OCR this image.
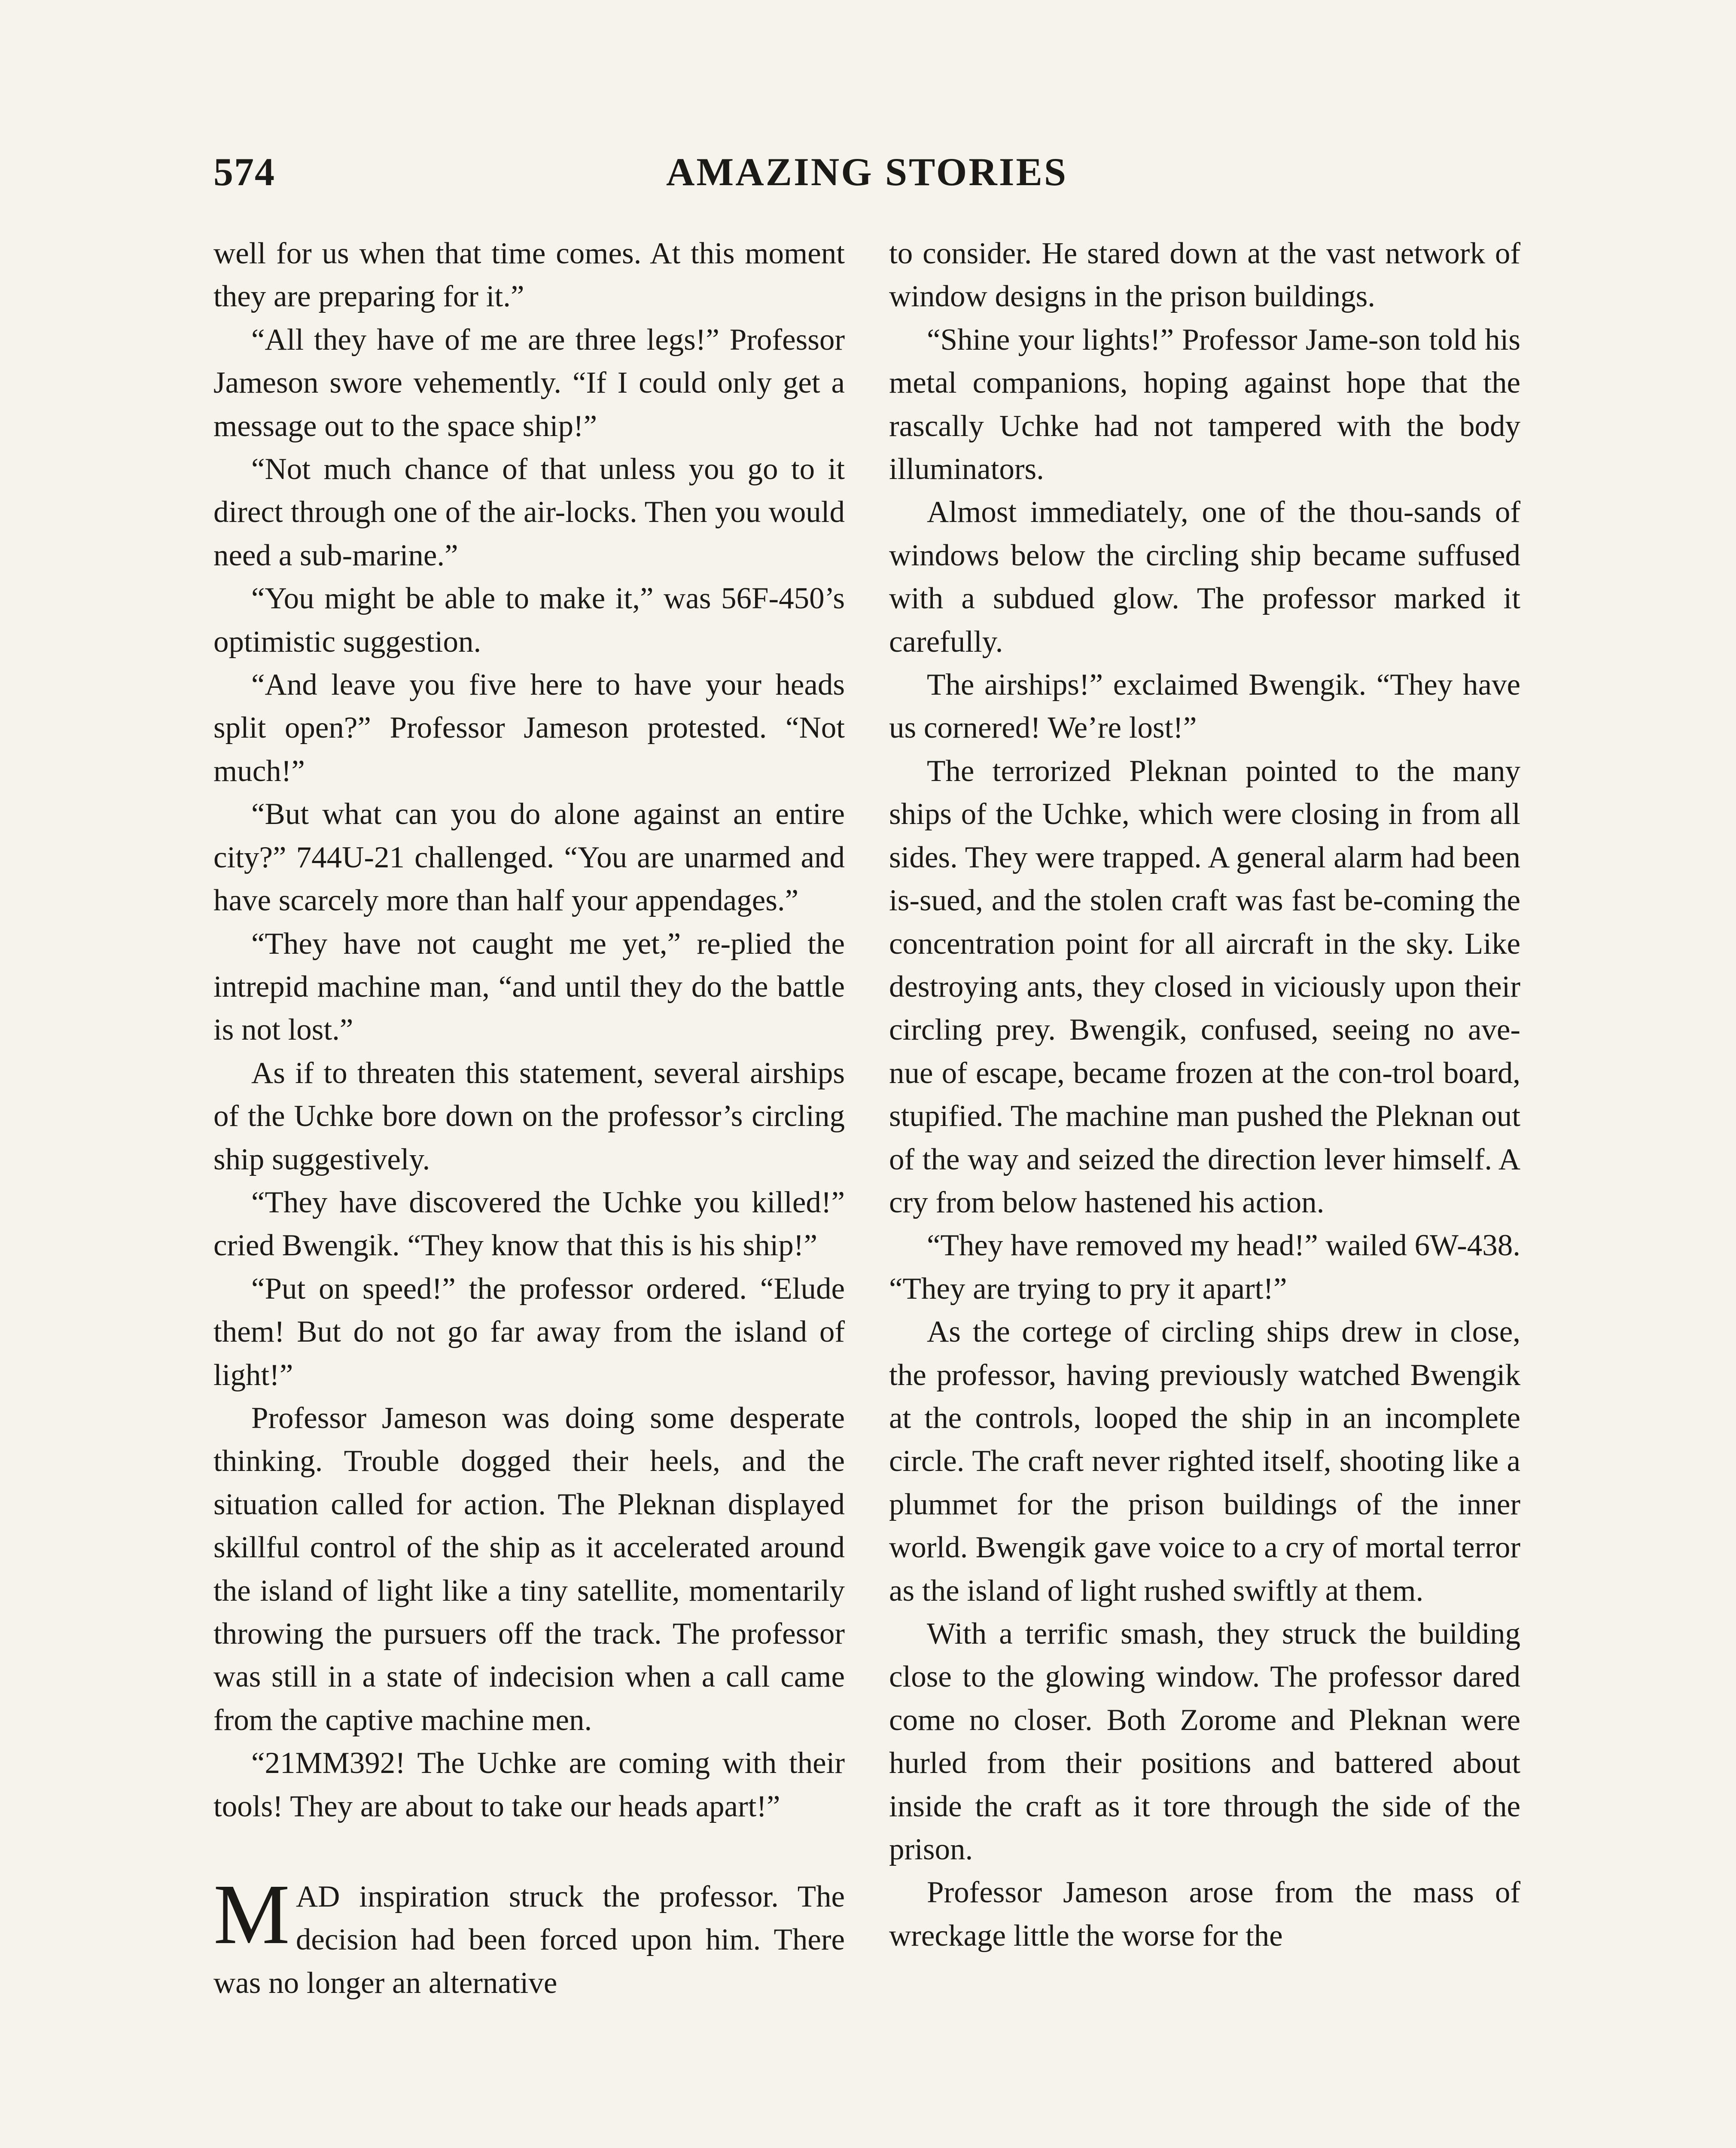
574	AMAZING STORIES

well for us when that time comes. At this moment they are preparing for it.”

“All they have of me are three legs!” Professor Jameson swore vehemently. “If I could only get a message out to the space ship!”

“Not much chance of that unless you go to it direct through one of the air-locks. Then you would need a sub-marine.”

“You might be able to make it,” was 56F-450’s optimistic suggestion.

“And leave you five here to have your heads split open?” Professor Jameson protested. “Not much!”

“But what can you do alone against an entire city?” 744U-21 challenged. “You are unarmed and have scarcely more than half your appendages.”

“They have not caught me yet,” re-plied the intrepid machine man, “and until they do the battle is not lost.”

As if to threaten this statement, several airships of the Uchke bore down on the professor’s circling ship suggestively.

“They have discovered the Uchke you killed!” cried Bwengik. “They know that this is his ship!”

“Put on speed!” the professor ordered. “Elude them! But do not go far away from the island of light!”

Professor Jameson was doing some desperate thinking. Trouble dogged their heels, and the situation called for action. The Pleknan displayed skillful control of the ship as it accelerated around the island of light like a tiny satellite, momentarily throwing the pursuers off the track. The professor was still in a state of indecision when a call came from the captive machine men.

“21MM392! The Uchke are coming with their tools! They are about to take our heads apart!”

MAD inspiration struck the professor. The decision had been forced upon him. There was no longer an alternative

to consider. He stared down at the vast network of window designs in the prison buildings.

“Shine your lights!” Professor Jame-son told his metal companions, hoping against hope that the rascally Uchke had not tampered with the body illuminators.

Almost immediately, one of the thou-sands of windows below the circling ship became suffused with a subdued glow. The professor marked it carefully.

The airships!” exclaimed Bwengik. “They have us cornered! We’re lost!”

The terrorized Pleknan pointed to the many ships of the Uchke, which were closing in from all sides. They were trapped. A general alarm had been is-sued, and the stolen craft was fast be-coming the concentration point for all aircraft in the sky. Like destroying ants, they closed in viciously upon their circling prey. Bwengik, confused, seeing no ave-nue of escape, became frozen at the con-trol board, stupified. The machine man pushed the Pleknan out of the way and seized the direction lever himself. A cry from below hastened his action.

“They have removed my head!” wailed 6W-438. “They are trying to pry it apart!”

As the cortege of circling ships drew in close, the professor, having previously watched Bwengik at the controls, looped the ship in an incomplete circle. The craft never righted itself, shooting like a plummet for the prison buildings of the inner world. Bwengik gave voice to a cry of mortal terror as the island of light rushed swiftly at them.

With a terrific smash, they struck the building close to the glowing window. The professor dared come no closer. Both Zorome and Pleknan were hurled from their positions and battered about inside the craft as it tore through the side of the prison.

Professor Jameson arose from the mass of wreckage little the worse for the
